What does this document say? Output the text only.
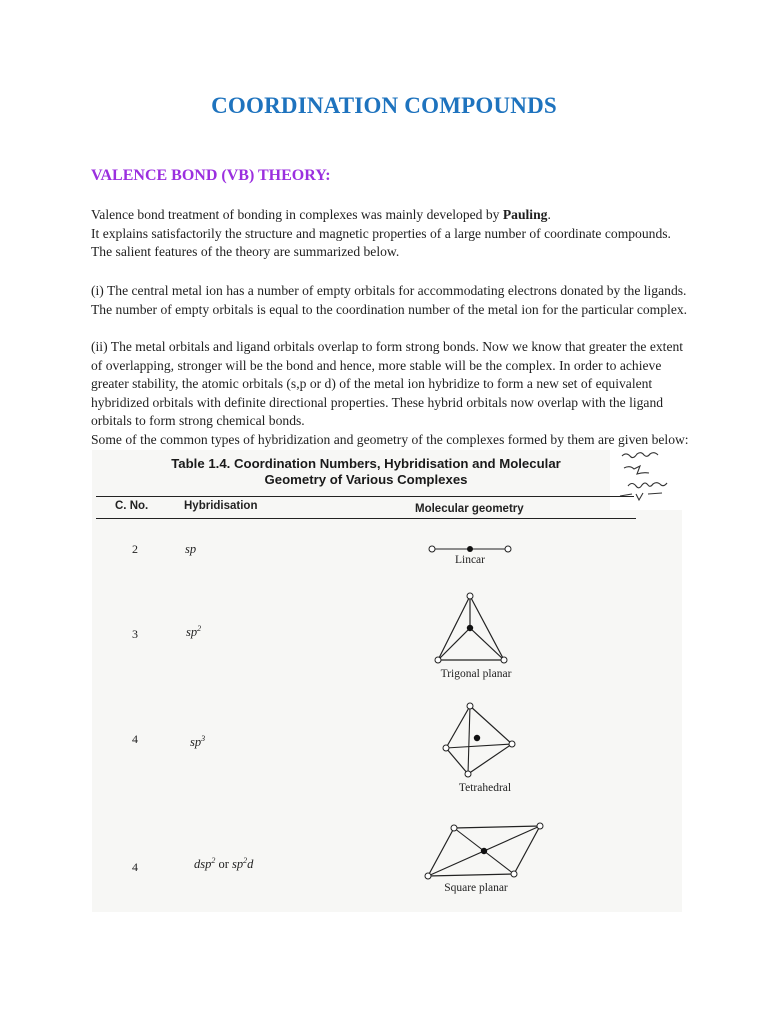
COORDINATION COMPOUNDS
VALENCE BOND (VB) THEORY:
Valence bond treatment of bonding in complexes was mainly developed by Pauling.
It explains satisfactorily the structure and magnetic properties of a large number of coordinate compounds.
The salient features of the theory are summarized below.
(i) The central metal ion has a number of empty orbitals for accommodating electrons donated by the ligands.
The number of empty orbitals is equal to the coordination number of the metal ion for the particular complex.
(ii) The metal orbitals and ligand orbitals overlap to form strong bonds. Now we know that greater the extent
of overlapping, stronger will be the bond and hence, more stable will be the complex. In order to achieve
greater stability, the atomic orbitals (s,p or d) of the metal ion hybridize to form a new set of equivalent
hybridized orbitals with definite directional properties. These hybrid orbitals now overlap with the ligand
orbitals to form strong chemical bonds.
Some of the common types of hybridization and geometry of the complexes formed by them are given below:
Table 1.4. Coordination Numbers, Hybridisation and Molecular
Geometry of Various Complexes
C. No.	Hybridisation	Molecular geometry
2	sp
Lincar
3	$sp^2$
Trigonal planar
4	$sp^3$
Tetrahedral
4	dsp$^2$ or $sp^2d$
Square planar
